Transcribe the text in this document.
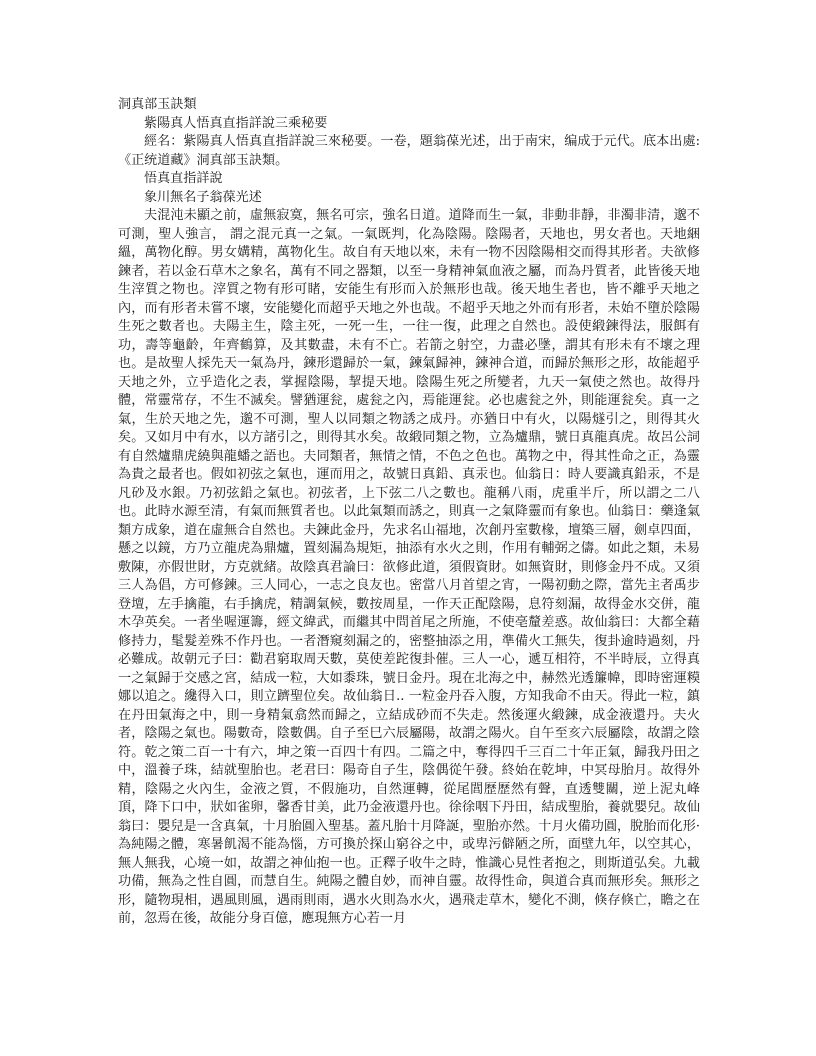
洞真部玉訣類
紫陽真人悟真直指詳說三乘秘要
經名：紫陽真人悟真直指詳說三來秘要。一卷，題翁葆光述，出于南宋，编成于元代。底本出處:《正统道藏》洞真部玉訣類。
悟真直指詳說
象川無名子翁葆光述
夫混沌未顯之前，虛無寂寞，無名可宗，強名日道。道降而生一氣，非動非靜，非濁非清，邈不可測，聖人強言， 謂之混元真一之氣。一氣既判，化為陰陽。陰陽者，天地也，男女者也。天地綑縕，萬物化醇。男女媾精，萬物化生。故自有天地以來，未有一物不因陰陽相交而得其形者。夫欲修鍊者，若以金石草木之象名，萬有不同之器類，以至一身精神氣血液之屬，而為丹質者，此皆後天地生滓質之物也。滓質之物有形可睹，安能生有形而入於無形也哉。後天地生者也，皆不離乎天地之內，而有形者未嘗不壞，安能變化而超乎天地之外也哉。不超乎天地之外而有形者，未始不墮於陰陽生死之數者也。夫陽主生，陰主死，一死一生，一往一復，此理之自然也。設使緞鍊得法，服餌有功，壽等龜齡，年齊鶴算，及其數盡，未有不亡。若箭之射空，力盡必墬，謂其有形未有不壞之理也。是故聖人採先天一氣為丹，鍊形還歸於一氣，鍊氣歸神，鍊神合道，而歸於無形之形，故能超乎天地之外，立乎造化之表，掌握陰陽，挈提天地。陰陽生死之所變者，九天一氣使之然也。故得丹體，常靈常存，不生不滅矣。譬猶運瓮，處瓮之內，焉能運瓮。必也處瓮之外，則能運瓮矣。真一之氣，生於天地之先，邈不可測，聖人以同類之物誘之成丹。亦猶日中有火，以陽燧引之，則得其火矣。又如月中有水，以方諸引之，則得其水矣。故緞同類之物，立為爐鼎，號日真龍真虎。故呂公詞有自然爐鼎虎繞與龍蟠之語也。夫同類者，無情之情，不色之色也。萬物之中，得其性命之正，為靈為貴之最者也。假如初弦之氣也，運而用之，故號日真鉛、真汞也。仙翁日：時人要識真鉛汞，不是凡砂及水銀。乃初弦鉛之氣也。初弦者，上下弦二八之數也。龍稱八雨，虎重半斤，所以謂之二八也。此時水源至清，有氣而無質者也。以此氣類而誘之，則真一之氣降靈而有象也。仙翁日：藥逢氣類方成象，道在虛無合自然也。夫鍊此金丹，先求名山福地，次創丹室數椽，壇築三層，劍卓四面，懸之以鏡，方乃立龍虎為鼎爐，置刻漏為規矩，抽添有水火之則，作用有輔弼之儔。如此之類，未易敷陳，亦假世財，方克就緒。故陰真君論曰：欲修此道，須假資財。如無資財，則修金丹不成。又須三人為倡，方可修鍊。三人同心，一志之良友也。密當八月首望之宵，一陽初動之際，當先主者禹步登壇，左手擒龍，右手擒虎，精調氣候，數按周星，一作天正配陰陽，息符刻漏，故得金水交併，龍木孕英矣。一者坐喔運籌，經文緯武，而繼其中問首尾之所施，不使亳釐差惑。故仙翁曰：大都全藉修持力，髦髮差殊不作丹也。一者潛窺刻漏之的，密整抽添之用，準備火工無失，復卦逾時過刻，丹必難成。故朝元子曰：勸君窮取周天數，莫使差跎復卦催。三人一心，遞互相符，不半時辰，立得真一之氣歸于交感之宮，結成一粒，大如黍珠，號日金丹。現在北海之中，赫然光透簾幃，即時密運糢娜以追之。纔得入口，則立躋聖位矣。故仙翁日.. 一粒金丹吞入腹，方知我命不由天。得此一粒，鎮在丹田氣海之中，則一身精氣翕然而歸之，立結成砂而不失走。然後運火緞鍊，成金液還丹。夫火者，陰陽之氣也。陽數奇，陰數偶。自子至巳六辰屬陽，故謂之陽火。自午至亥六辰屬陰，故謂之陰符。乾之策二百一十有六，坤之策一百四十有四。二篇之中，奪得四千三百二十年正氣，歸我丹田之中，溫養子珠，結就聖胎也。老君曰：陽奇自子生，陰偶從午發。終始在乾坤，中冥母胎月。故得外精，陰陽之火內生，金液之質，不假施功，自然運轉，從尾閭歷歷然有聲，直透雙關，逆上泥丸峰頂，降下口中，狀如雀卵，馨香甘美，此乃金液還丹也。徐徐咽下丹田，結成聖胎，養就嬰兒。故仙翁曰：嬰兒是一含真氣，十月胎圓入聖基。蓋凡胎十月降誕，聖胎亦然。十月火備功圓，脫胎而化形·為純陽之體，寒暑飢渴不能為惱，方可換於探山窮谷之中，或卑污僻陋之所，面壁九年，以空其心，無人無我，心境一如，故謂之神仙抱一也。正釋子收牛之時，惟識心見性者抱之，則斯道弘矣。九載功備，無為之性自圓，而慧自生。純陽之體自妙，而神自靈。故得性命，與道合真而無形矣。無形之形，隨物現相，遇風則風，遇雨則雨，遇水火則為水火，遇飛走草木，變化不測，倏存倏亡，瞻之在前，忽焉在後，故能分身百億，應現無方心若一月
